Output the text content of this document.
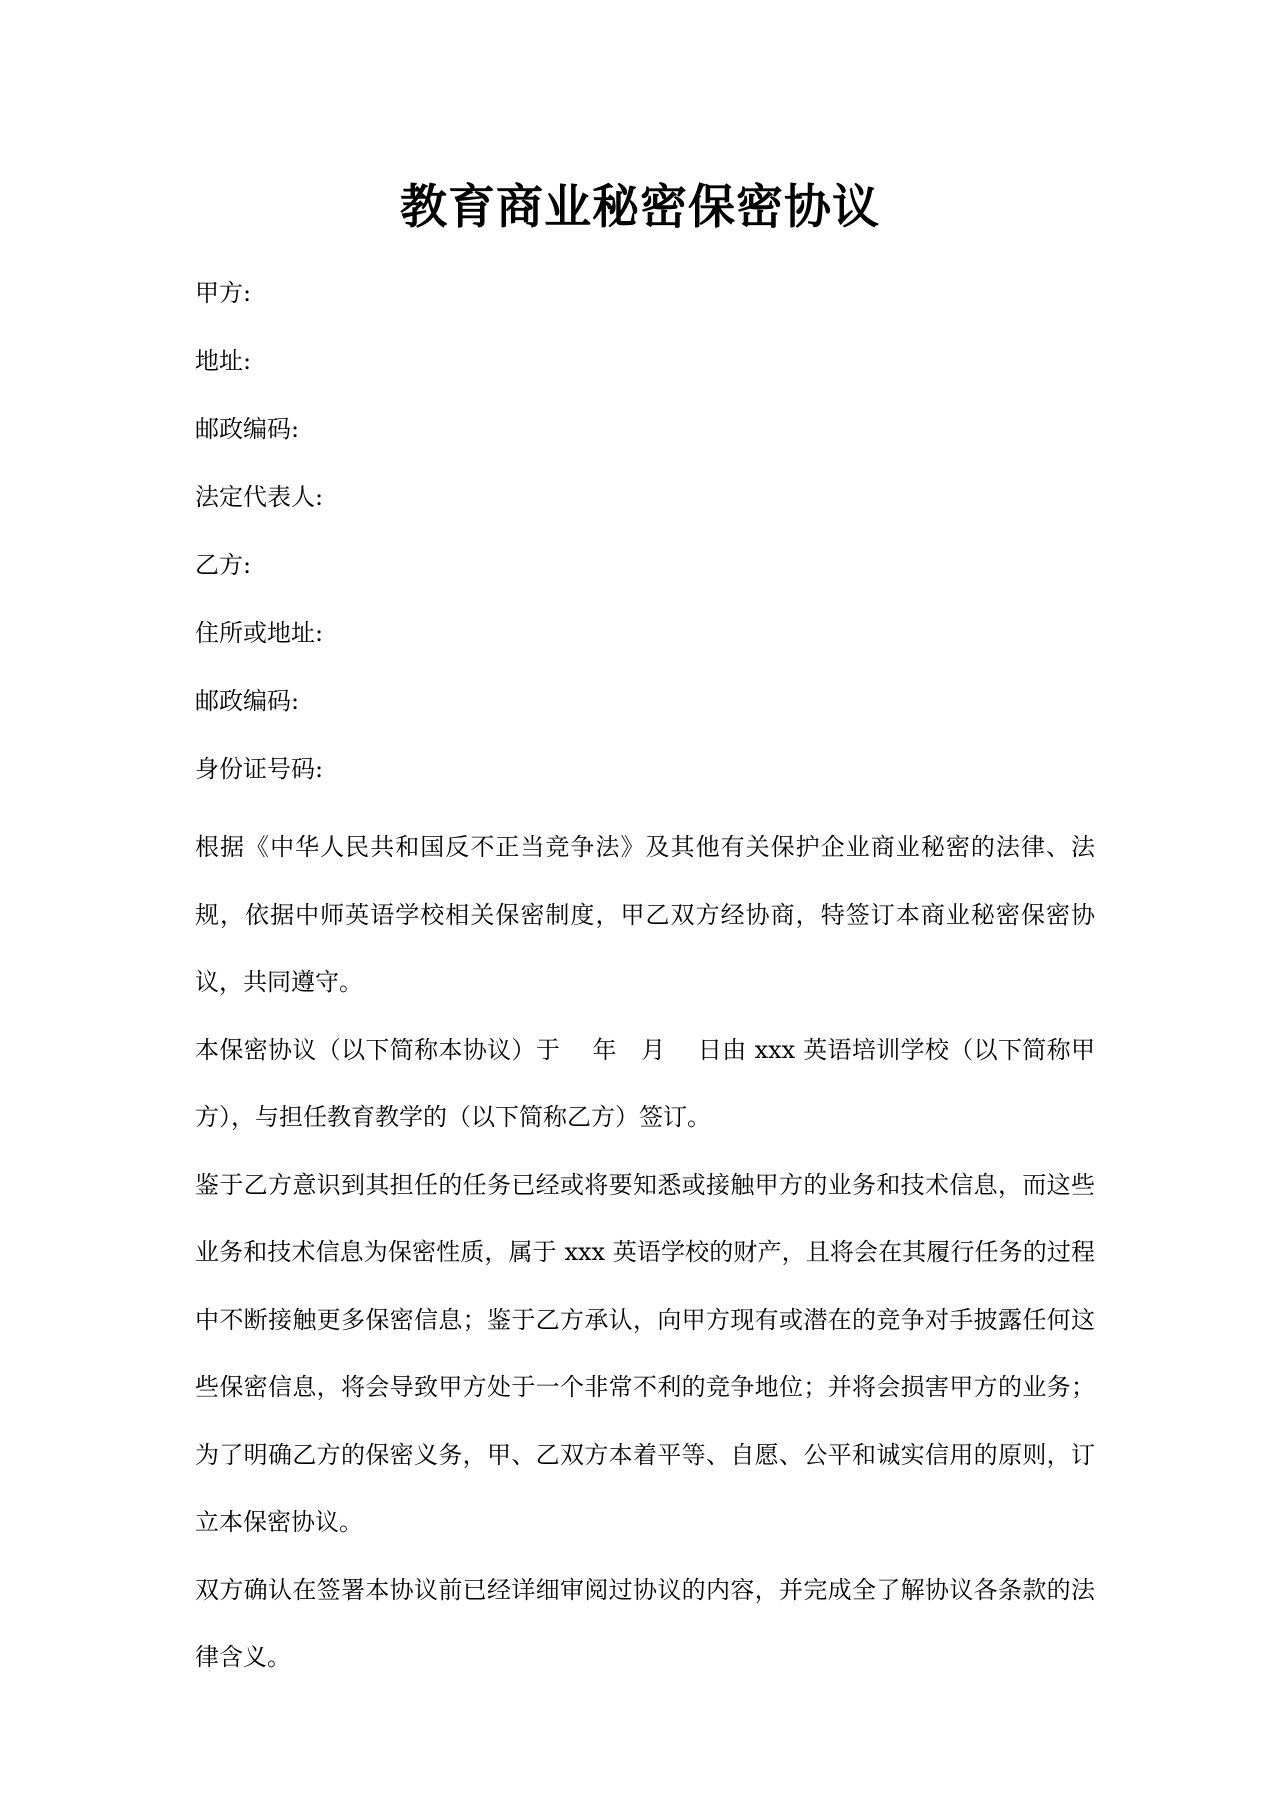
教育商业秘密保密协议
甲方:
地址:
邮政编码:
法定代表人:
乙方:
住所或地址:
邮政编码:
身份证号码:

根据《中华人民共和国反不正当竞争法》及其他有关保护企业商业秘密的法律、法规，依据中师英语学校相关保密制度，甲乙双方经协商，特签订本商业秘密保密协议，共同遵守。

本保密协议（以下简称本协议）于　 年　月　 日由 xxx 英语培训学校（以下简称甲方），与担任教育教学的（以下简称乙方）签订。

鉴于乙方意识到其担任的任务已经或将要知悉或接触甲方的业务和技术信息，而这些业务和技术信息为保密性质，属于 xxx 英语学校的财产，且将会在其履行任务的过程中不断接触更多保密信息；鉴于乙方承认，向甲方现有或潜在的竞争对手披露任何这些保密信息，将会导致甲方处于一个非常不利的竞争地位；并将会损害甲方的业务；为了明确乙方的保密义务，甲、乙双方本着平等、自愿、公平和诚实信用的原则，订立本保密协议。

双方确认在签署本协议前已经详细审阅过协议的内容，并完成全了解协议各条款的法律含义。
